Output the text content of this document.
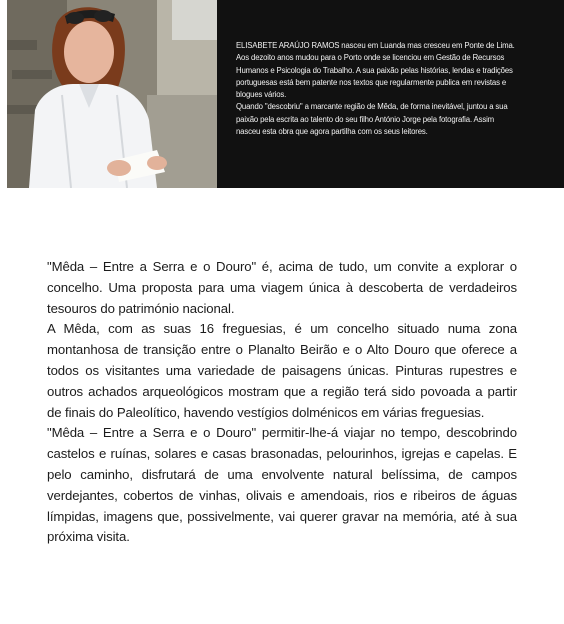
ELISABETE ARAÚJO RAMOS nasceu em Luanda mas cresceu em Ponte de Lima. Aos dezoito anos mudou para o Porto onde se licenciou em Gestão de Recursos Humanos e Psicologia do Trabalho. A sua paixão pelas histórias, lendas e tradições portuguesas está bem patente nos textos que regularmente publica em revistas e blogues vários.

Quando "descobriu" a marcante região de Mêda, de forma inevitável, juntou a sua paixão pela escrita ao talento do seu filho António Jorge pela fotografia. Assim nasceu esta obra que agora partilha com os seus leitores.

"Mêda – Entre a Serra e o Douro" é, acima de tudo, um convite a explorar o concelho. Uma proposta para uma viagem única à descoberta de verdadeiros tesouros do património nacional.

A Mêda, com as suas 16 freguesias, é um concelho situado numa zona montanhosa de transição entre o Planalto Beirão e o Alto Douro que oferece a todos os visitantes uma variedade de paisagens únicas. Pinturas rupestres e outros achados arqueológicos mostram que a região terá sido povoada a partir de finais do Paleolítico, havendo vestígios dolménicos em várias freguesias.

"Mêda – Entre a Serra e o Douro" permitir-lhe-á viajar no tempo, descobrindo castelos e ruínas, solares e casas brasonadas, pelourinhos, igrejas e capelas. E pelo caminho, disfrutará de uma envolvente natural belíssima, de campos verdejantes, cobertos de vinhas, olivais e amendoais, rios e ribeiros de águas límpidas, imagens que, possivelmente, vai querer gravar na memória, até à sua próxima visita.
